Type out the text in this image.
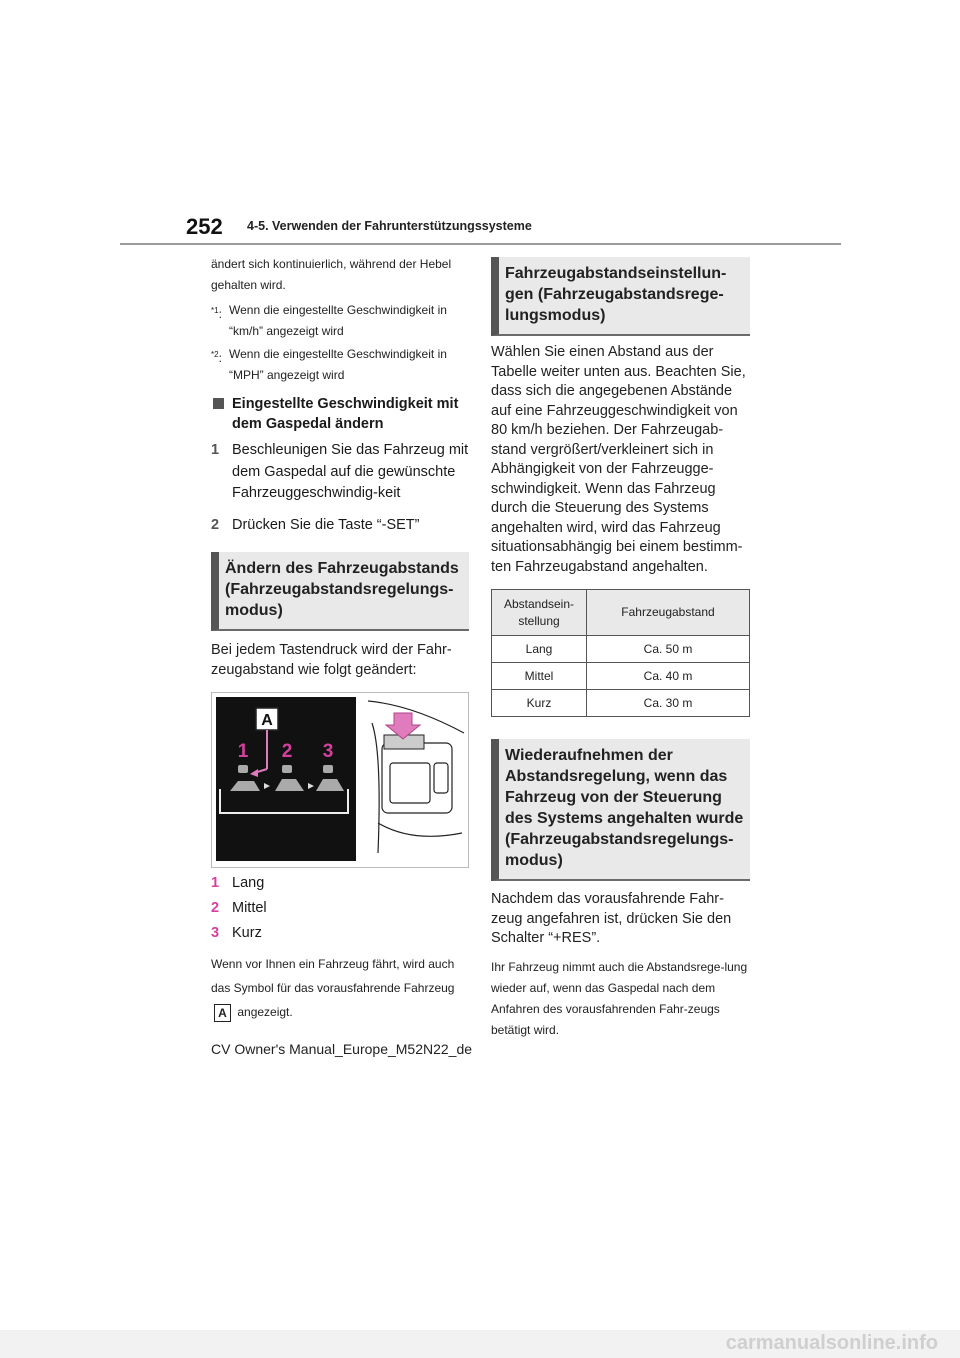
252 4-5. Verwenden der Fahrunterstützungssysteme
ändert sich kontinuierlich, während der Hebel gehalten wird.
$^{*1}$: Wenn die eingestellte Geschwindigkeit in “km/h” angezeigt wird
$^{*2}$: Wenn die eingestellte Geschwindigkeit in “MPH” angezeigt wird
Eingestellte Geschwindigkeit mit dem Gaspedal ändern
1 Beschleunigen Sie das Fahrzeug mit dem Gaspedal auf die gewünschte Fahrzeuggeschwindig-keit
2 Drücken Sie die Taste “-SET”
Ändern des Fahrzeugabstands (Fahrzeugabstandsregelungs-modus)
Bei jedem Tastendruck wird der Fahr-zeugabstand wie folgt geändert:
A
1 2 3
1 Lang
2 Mittel
3 Kurz
Wenn vor Ihnen ein Fahrzeug fährt, wird auch das Symbol für das vorausfahrende Fahrzeug A angezeigt.
Fahrzeugabstandseinstellun-gen (Fahrzeugabstandsrege-lungsmodus)
Wählen Sie einen Abstand aus der Tabelle weiter unten aus. Beachten Sie, dass sich die angegebenen Abstände auf eine Fahrzeuggeschwindigkeit von 80 km/h beziehen. Der Fahrzeugab-stand vergrößert/verkleinert sich in Abhängigkeit von der Fahrzeugge-schwindigkeit. Wenn das Fahrzeug durch die Steuerung des Systems angehalten wird, wird das Fahrzeug situationsabhängig bei einem bestimm-ten Fahrzeugabstand angehalten.
Abstandsein-stellung	Fahrzeugabstand
Lang	Ca. 50 m
Mittel	Ca. 40 m
Kurz	Ca. 30 m
Wiederaufnehmen der Abstandsregelung, wenn das Fahrzeug von der Steuerung des Systems angehalten wurde (Fahrzeugabstandsregelungs-modus)
Nachdem das vorausfahrende Fahr-zeug angefahren ist, drücken Sie den Schalter “+RES”.
Ihr Fahrzeug nimmt auch die Abstandsrege-lung wieder auf, wenn das Gaspedal nach dem Anfahren des vorausfahrenden Fahr-zeugs betätigt wird.
CV Owner's Manual_Europe_M52N22_de
carmanualsonline.info
